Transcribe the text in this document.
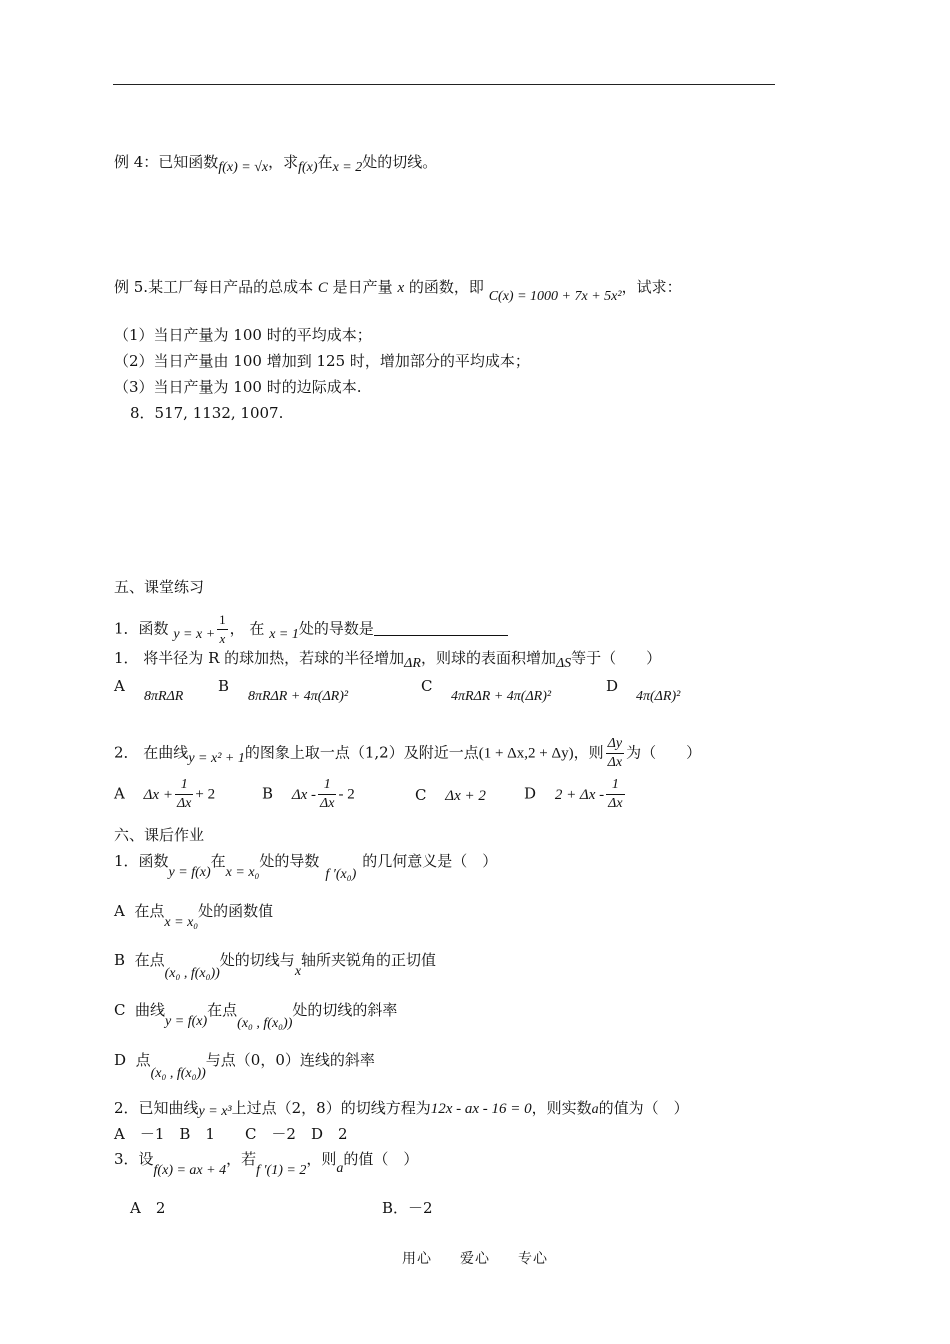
例 4：已知函数f(x) = √x，求f(x)在x = 2处的切线。
例 5.某工厂每日产品的总成本 C 是日产量 x 的函数，即 C(x) = 1000 + 7x + 5x²，试求：
（1）当日产量为 100 时的平均成本；
（2）当日产量由 100 增加到 125 时，增加部分的平均成本；
（3）当日产量为 100 时的边际成本.
8．517, 1132, 1007.
五、课堂练习
1．函数 $y = x + \frac{1}{x}$ ， 在 x = 1处的导数是
1． 将半径为 R 的球加热，若球的半径增加ΔR，则球的表面积增加ΔS等于（　　）
A
8πRΔR
B
8πRΔR + 4π(ΔR)²
C
4πRΔR + 4π(ΔR)²
D
4π(ΔR)²
2． 在曲线y = x² + 1的图象上取一点（1,2）及附近一点(1 + Δx,2 + Δy)，则 $\frac{\Delta y}{\Delta x}$ 为（　　）
A $\Delta x + \frac{1}{\Delta x} + 2$	B Δx - $\frac{1}{\Delta x} - 2$	C Δx + 2	D $2 + \Delta x - \frac{1}{\Delta x}$
六、课后作业
1．函数y = f(x)在x = x₀处的导数f ′(x₀)的几何意义是（　）
A 在点x = x₀处的函数值
B 在点(x₀ , f(x₀))处的切线与x轴所夹锐角的正切值
C 曲线y = f(x)在点(x₀ , f(x₀))处的切线的斜率
D 点(x₀ , f(x₀))与点（0，0）连线的斜率
2．已知曲线y = x³上过点（2，8）的切线方程为12x - ax - 16 = 0，则实数a的值为（　）
A　－1　B　1　　C　－2　D　2
3．设f(x) = ax + 4，若f ′(1) = 2，则a的值（　）
A　2	B．－2
用心 爱心 专心
